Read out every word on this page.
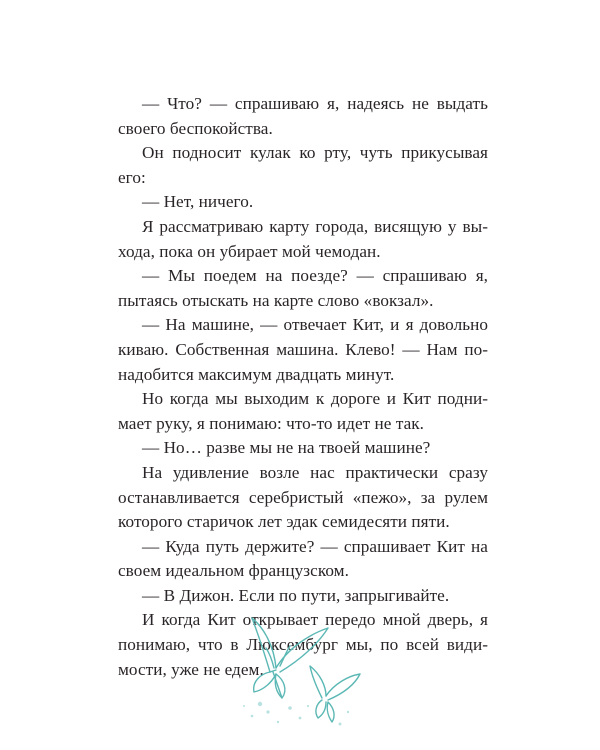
— Что? — спрашиваю я, надеясь не выдать
своего беспокойства.
Он подносит кулак ко рту, чуть прикусывая
его:
— Нет, ничего.
Я рассматриваю карту города, висящую у вы-
хода, пока он убирает мой чемодан.
— Мы поедем на поезде? — спрашиваю я,
пытаясь отыскать на карте слово «вокзал».
— На машине, — отвечает Кит, и я довольно
киваю. Собственная машина. Клево! — Нам по-
надобится максимум двадцать минут.
Но когда мы выходим к дороге и Кит подни-
мает руку, я понимаю: что-то идет не так.
— Но… разве мы не на твоей машине?
На удивление возле нас практически сразу
останавливается серебристый «пежо», за рулем
которого старичок лет эдак семидесяти пяти.
— Куда путь держите? — спрашивает Кит на
своем идеальном французском.
— В Дижон. Если по пути, запрыгивайте.
И когда Кит открывает передо мной дверь, я
понимаю, что в Люксембург мы, по всей види-
мости, уже не едем.
